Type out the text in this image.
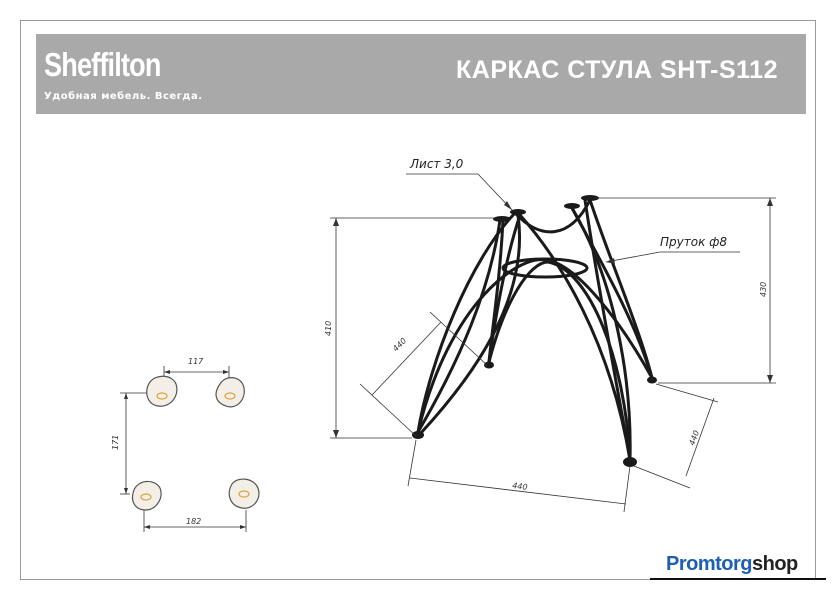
Sheffilton
Удобная мебель. Всегда.
КАРКАС СТУЛА SHT-S112
410
430
440
440
440
Лист 3,0
Пруток ф8
117
171
182
Promtorgshop
